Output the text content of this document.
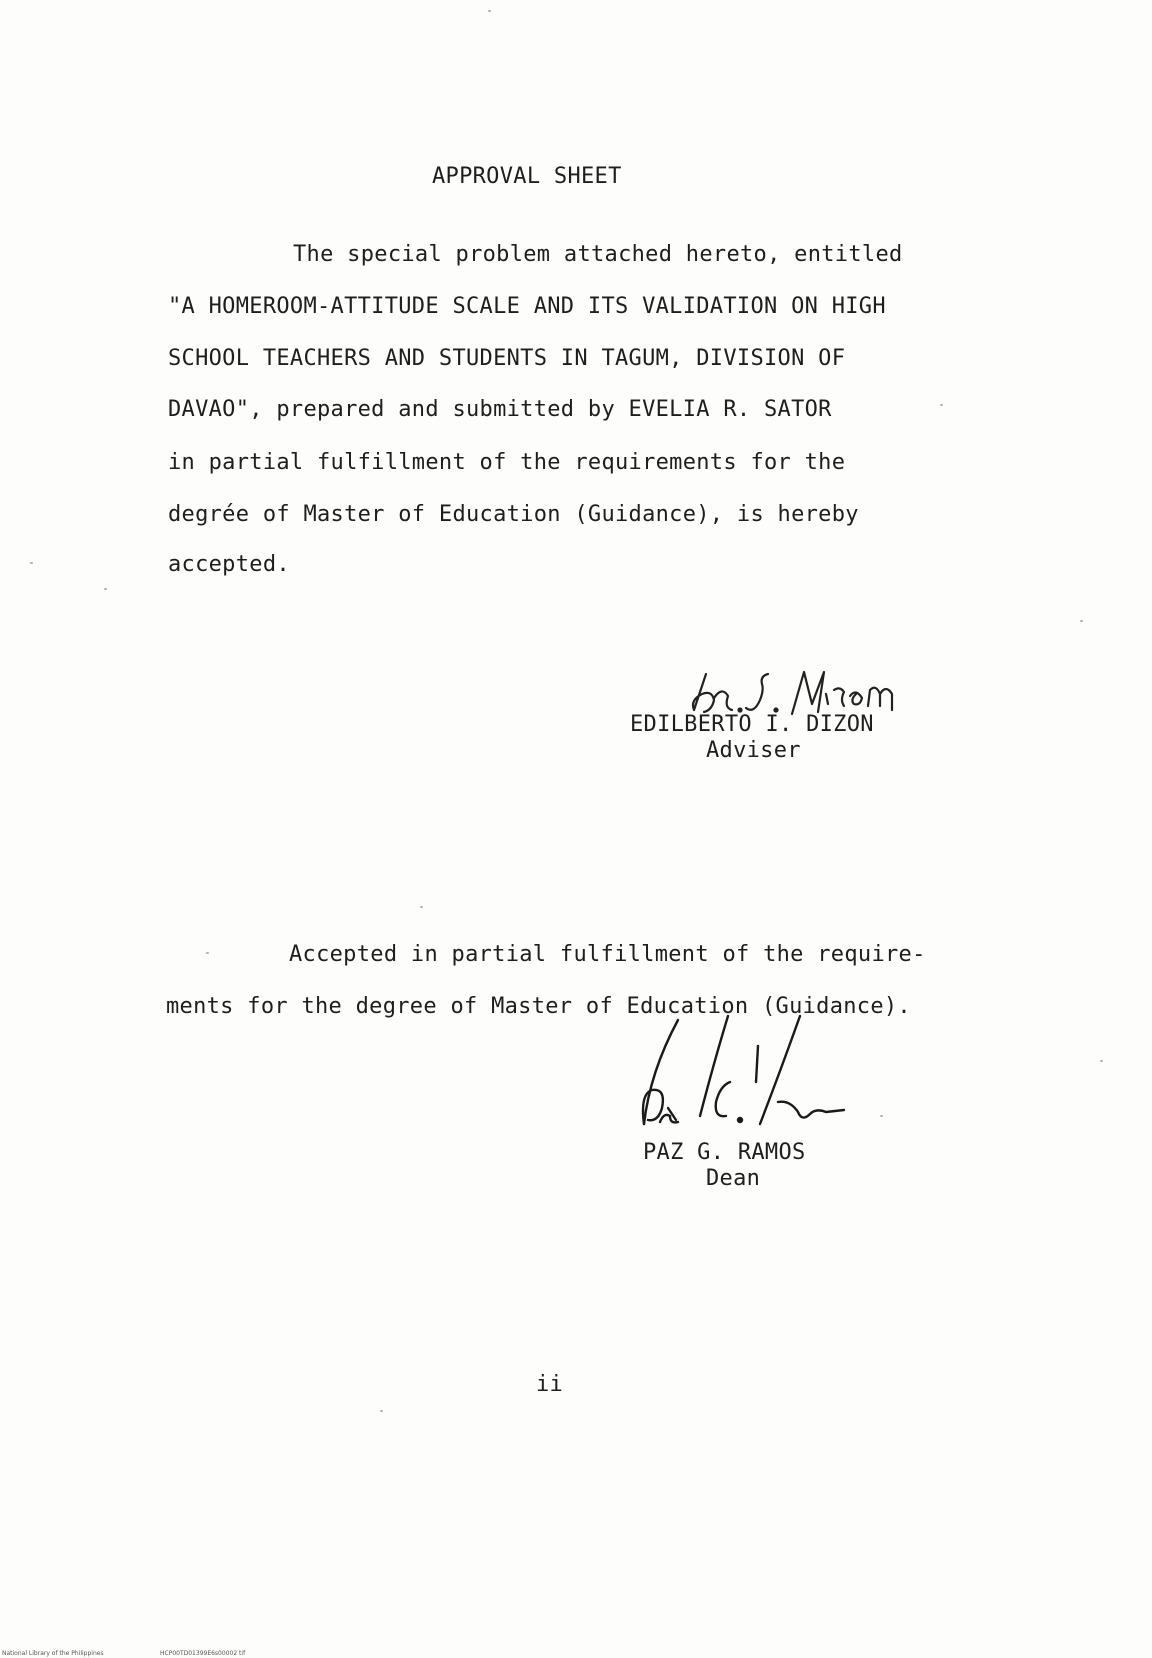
APPROVAL SHEET
The special problem attached hereto, entitled
"A HOMEROOM-ATTITUDE SCALE AND ITS VALIDATION ON HIGH
SCHOOL TEACHERS AND STUDENTS IN TAGUM, DIVISION OF
DAVAO", prepared and submitted by EVELIA R. SATOR
in partial fulfillment of the requirements for the
degrée of Master of Education (Guidance), is hereby
accepted.
EDILBERTO I. DIZON
Adviser
Accepted in partial fulfillment of the require-
ments for the degree of Master of Education (Guidance).
PAZ G. RAMOS
Dean
ii
National Library of the Philippines	HCP00TD01399E6s00002 tif
